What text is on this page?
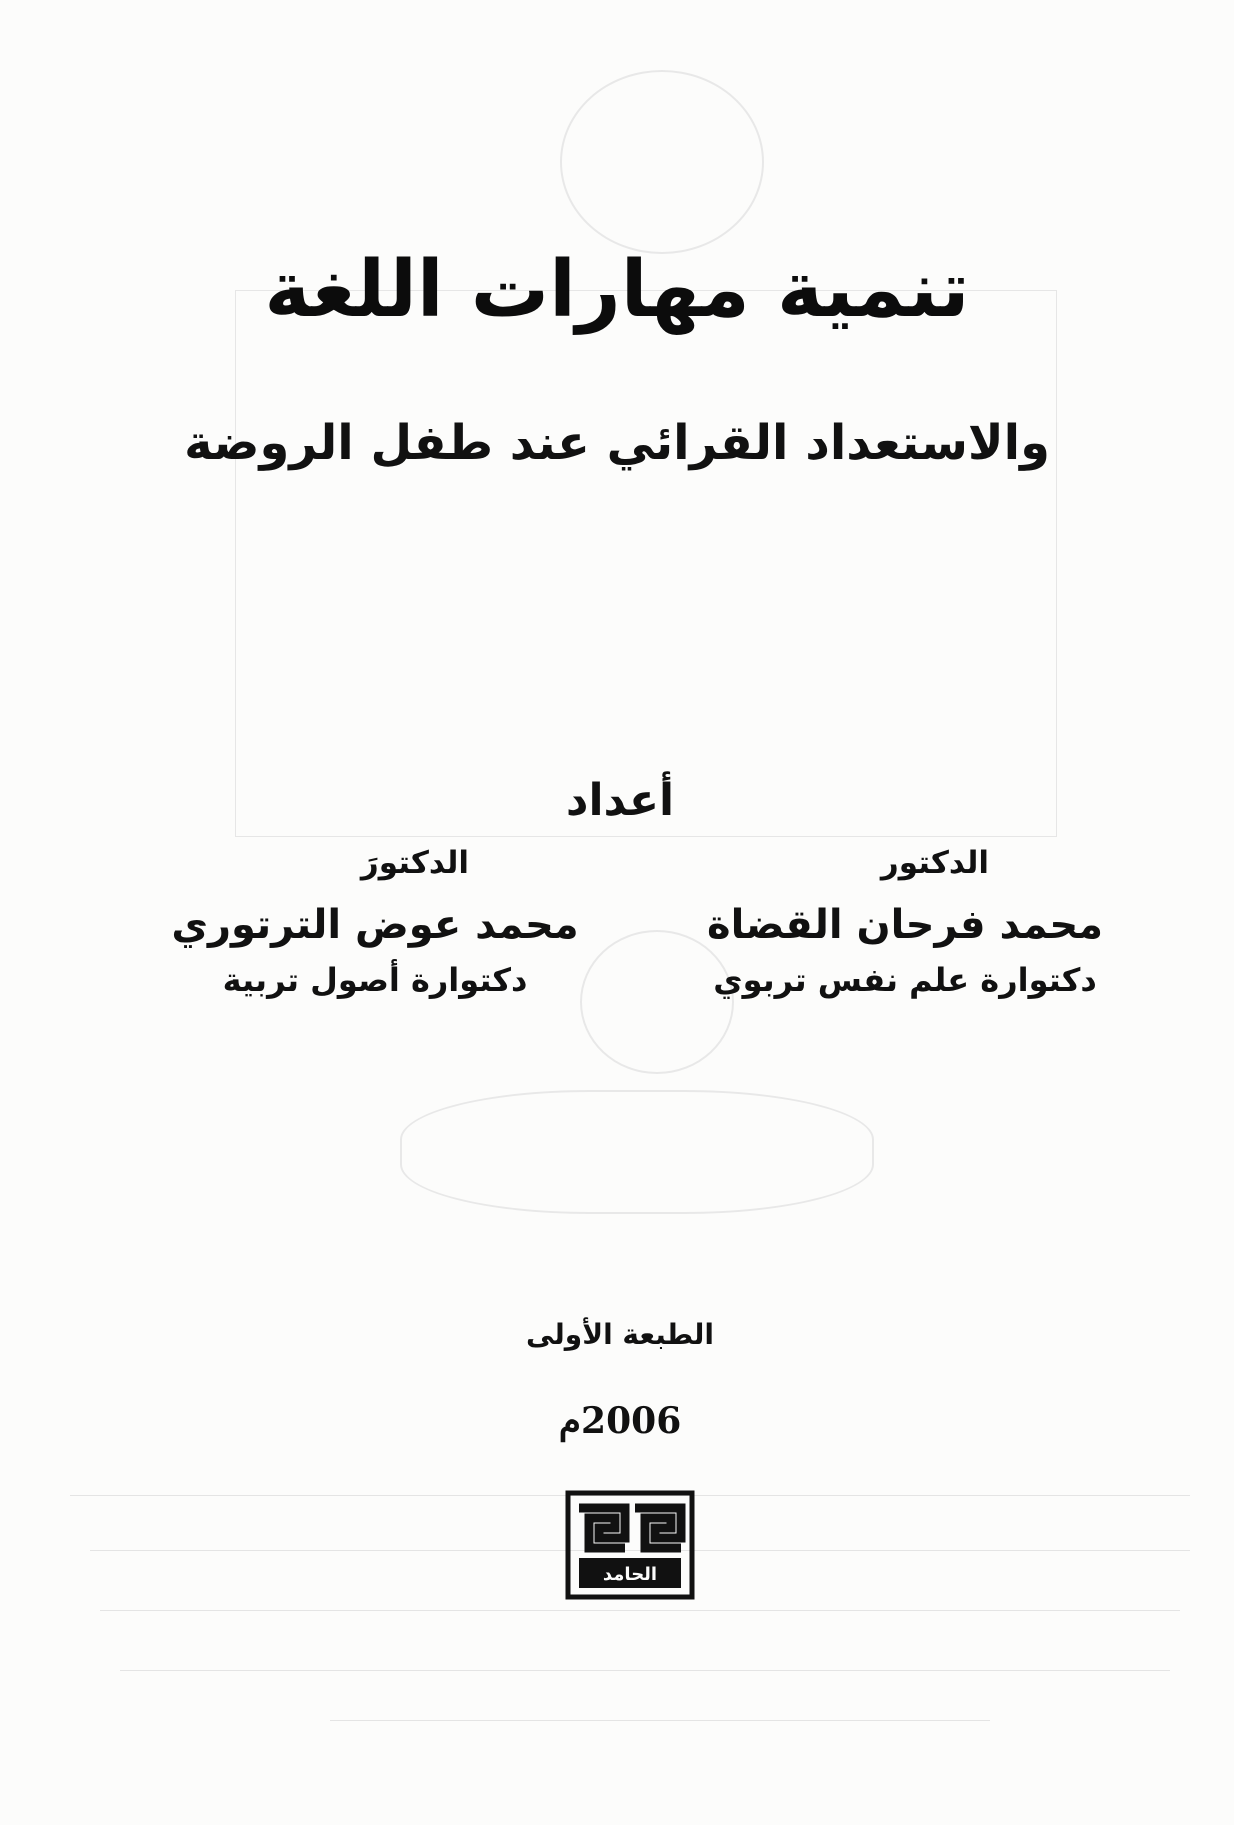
تنمية مهارات اللغة
والاستعداد القرائي عند طفل الروضة
أعداد
الدكتور
محمد فرحان القضاة
دكتوارة علم نفس تربوي
الدكتورَ
محمد عوض الترتوري
دكتوارة أصول تربية
الطبعة الأولى
2006م
الحامد
